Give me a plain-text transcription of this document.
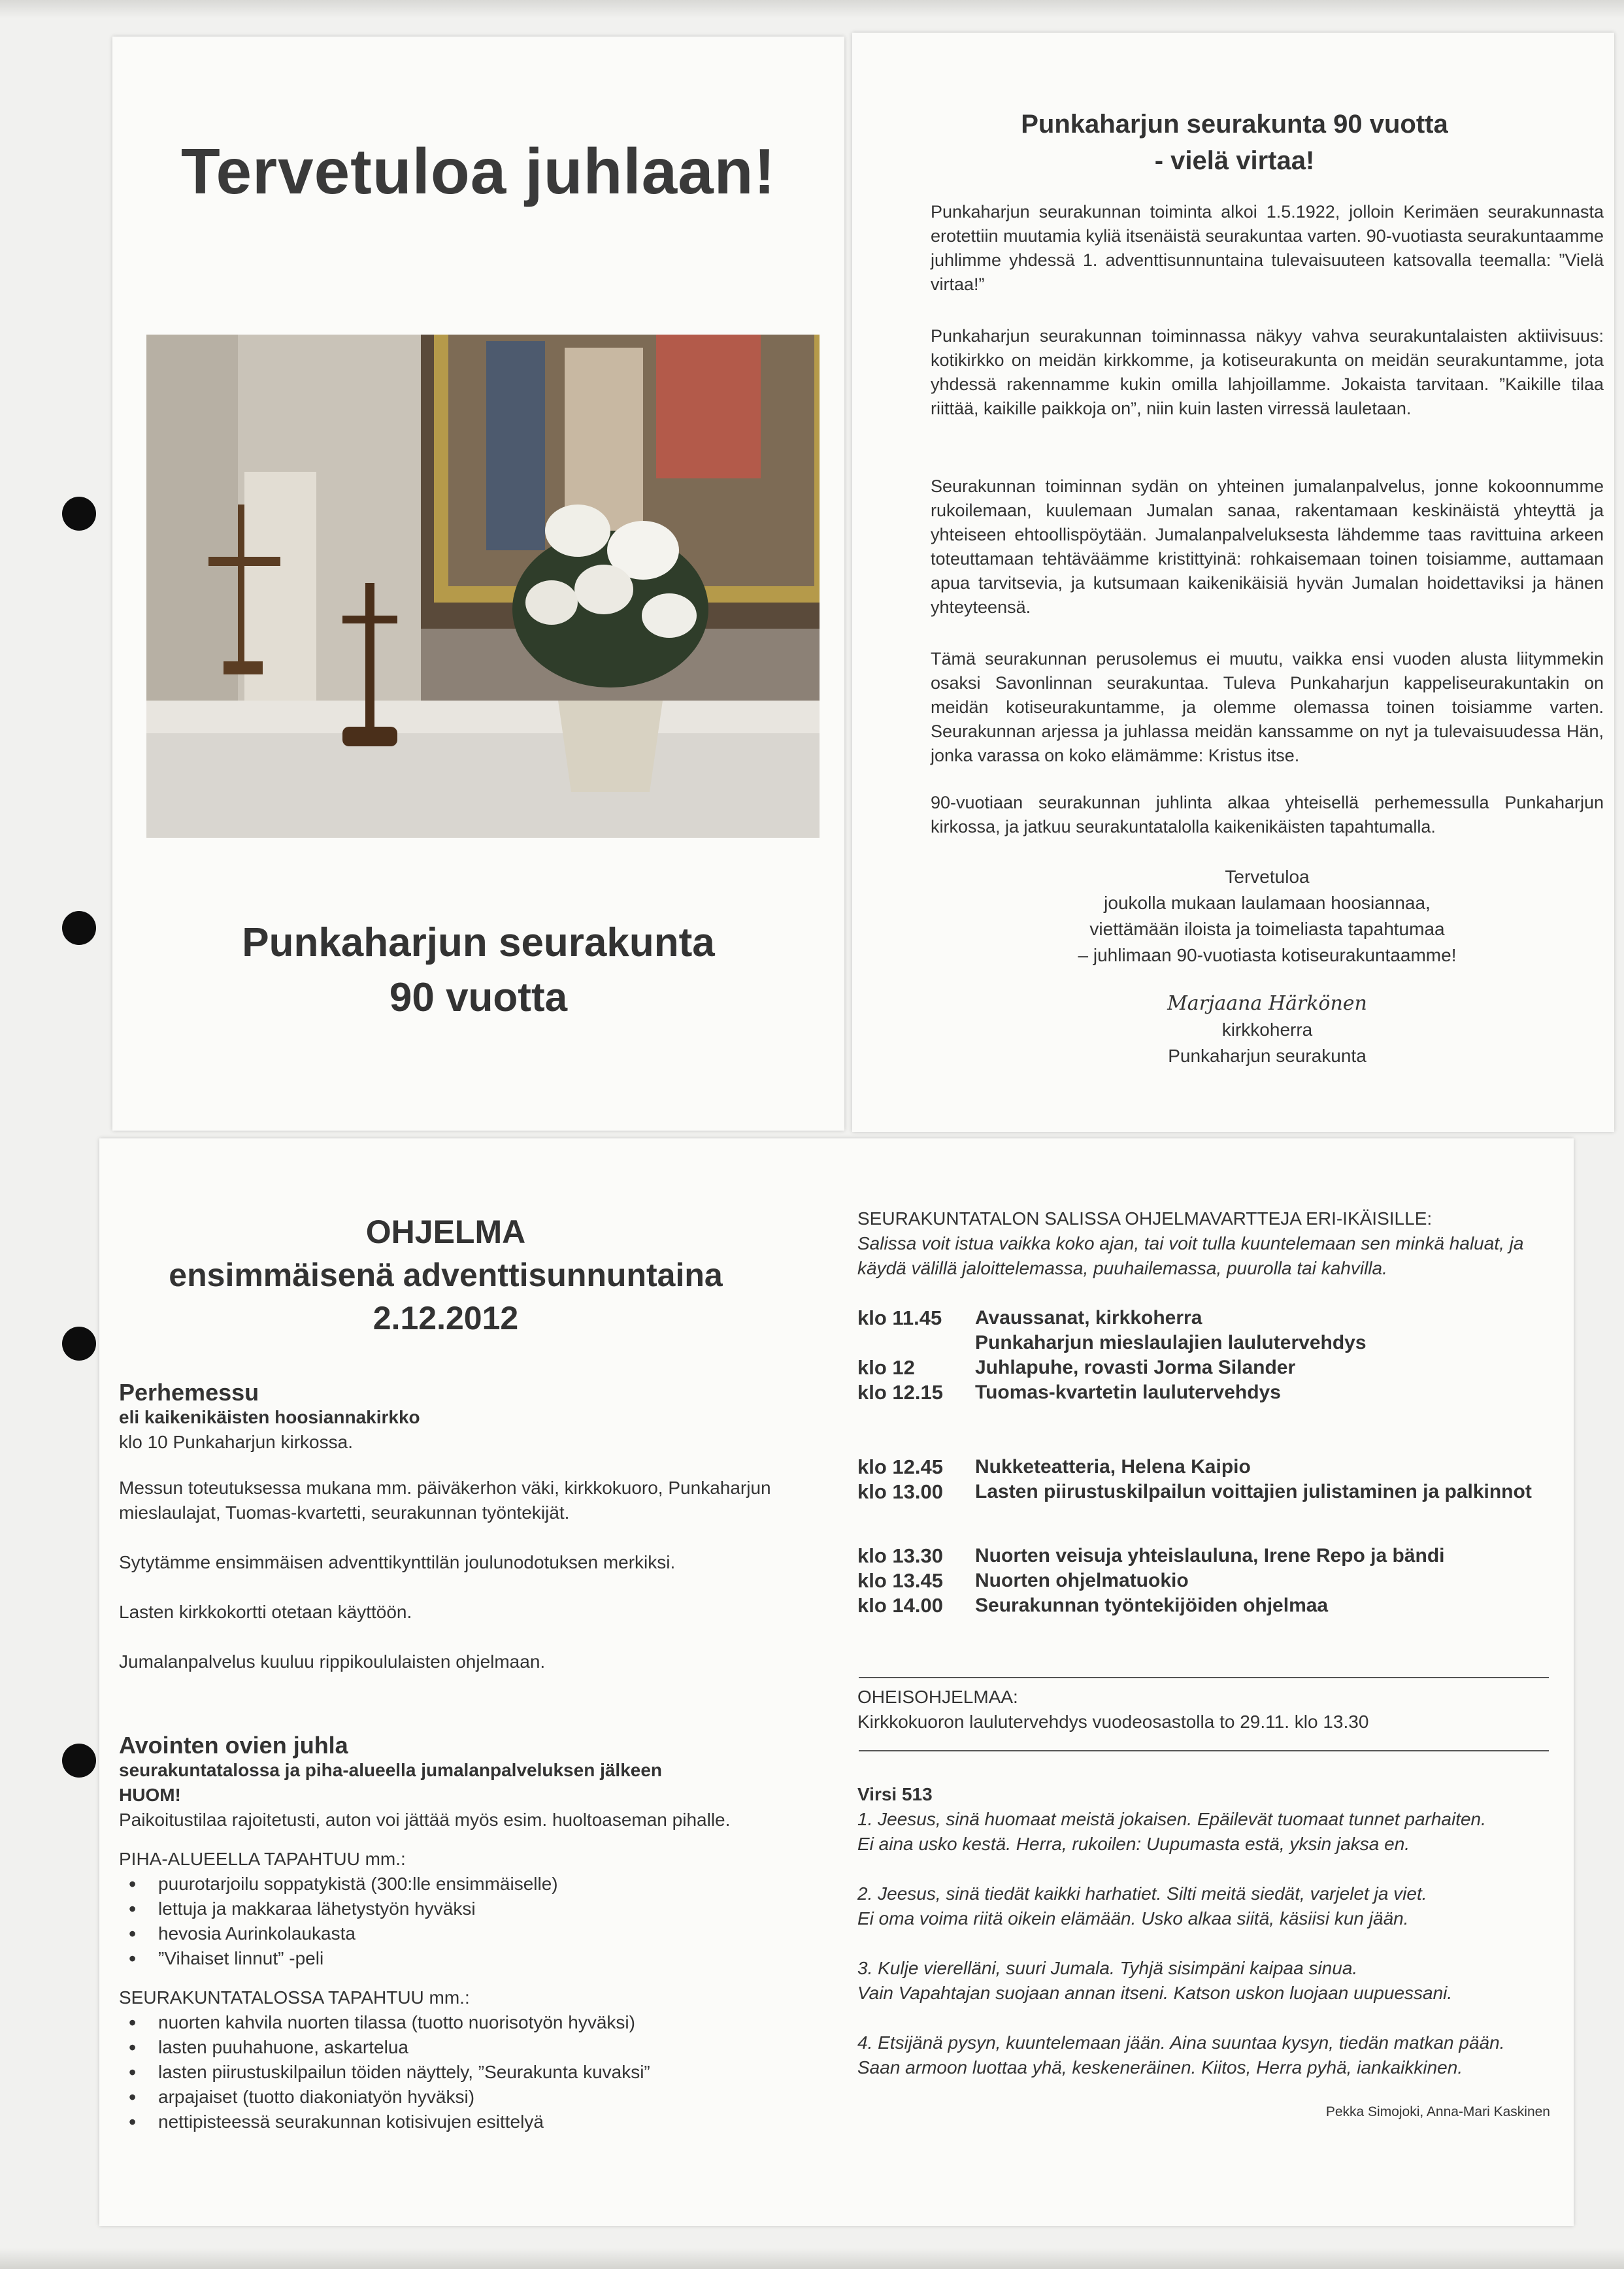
Tervetuloa juhlaan!
Punkaharjun seurakunta
90 vuotta
Punkaharjun seurakunta 90 vuotta
- vielä virtaa!
Punkaharjun seurakunnan toiminta alkoi 1.5.1922, jolloin Kerimäen seurakunnasta erotettiin muutamia kyliä itsenäistä seurakuntaa varten. 90-vuotiasta seurakuntaamme juhlimme yhdessä 1. adventtisunnuntaina tulevaisuuteen katsovalla teemalla: ”Vielä virtaa!”
Punkaharjun seurakunnan toiminnassa näkyy vahva seurakuntalaisten aktiivisuus: kotikirkko on meidän kirkkomme, ja kotiseurakunta on meidän seurakuntamme, jota yhdessä rakennamme kukin omilla lahjoillamme. Jokaista tarvitaan. ”Kaikille tilaa riittää, kaikille paikkoja on”, niin kuin lasten virressä lauletaan.
Seurakunnan toiminnan sydän on yhteinen jumalanpalvelus, jonne kokoonnumme rukoilemaan, kuulemaan Jumalan sanaa, rakentamaan keskinäistä yhteyttä ja yhteiseen ehtoollispöytään. Jumalanpalveluksesta lähdemme taas ravittuina arkeen toteuttamaan tehtäväämme kristittyinä: rohkaisemaan toinen toisiamme, auttamaan apua tarvitsevia, ja kutsumaan kaikenikäisiä hyvän Jumalan hoidettaviksi ja hänen yhteyteensä.
Tämä seurakunnan perusolemus ei muutu, vaikka ensi vuoden alusta liitymmekin osaksi Savonlinnan seurakuntaa. Tuleva Punkaharjun kappeliseurakuntakin on meidän kotiseurakuntamme, ja olemme olemassa toinen toisiamme varten. Seurakunnan arjessa ja juhlassa meidän kanssamme on nyt ja tulevaisuudessa Hän, jonka varassa on koko elämämme: Kristus itse.
90-vuotiaan seurakunnan juhlinta alkaa yhteisellä perhemessulla Punkaharjun kirkossa, ja jatkuu seurakuntatalolla kaikenikäisten tapahtumalla.
Tervetuloa
joukolla mukaan laulamaan hoosiannaa,
viettämään iloista ja toimeliasta tapahtumaa
– juhlimaan 90-vuotiasta kotiseurakuntaamme!
Marjaana Härkönen
kirkkoherra
Punkaharjun seurakunta
OHJELMA
ensimmäisenä adventtisunnuntaina
2.12.2012
Perhemessu
eli kaikenikäisten hoosiannakirkko
klo 10 Punkaharjun kirkossa.
Messun toteutuksessa mukana mm. päiväkerhon väki, kirkkokuoro, Punkaharjun mieslaulajat, Tuomas-kvartetti, seurakunnan työntekijät.
Sytytämme ensimmäisen adventtikynttilän joulunodotuksen merkiksi.
Lasten kirkkokortti otetaan käyttöön.
Jumalanpalvelus kuuluu rippikoululaisten ohjelmaan.
Avointen ovien juhla
seurakuntatalossa ja piha-alueella jumalanpalveluksen jälkeen
HUOM!
Paikoitustilaa rajoitetusti, auton voi jättää myös esim. huoltoaseman pihalle.
PIHA-ALUEELLA TAPAHTUU mm.:
• puurotarjoilu soppatykistä (300:lle ensimmäiselle)
• lettuja ja makkaraa lähetystyön hyväksi
• hevosia Aurinkolaukasta
• ”Vihaiset linnut” -peli
SEURAKUNTATALOSSA TAPAHTUU mm.:
• nuorten kahvila nuorten tilassa (tuotto nuorisotyön hyväksi)
• lasten puuhahuone, askartelua
• lasten piirustuskilpailun töiden näyttely, ”Seurakunta kuvaksi”
• arpajaiset (tuotto diakoniatyön hyväksi)
• nettipisteessä seurakunnan kotisivujen esittelyä
SEURAKUNTATALON SALISSA OHJELMAVARTTEJA ERI-IKÄISILLE:
Salissa voit istua vaikka koko ajan, tai voit tulla kuuntelemaan sen minkä haluat, ja käydä välillä jaloittelemassa, puuhailemassa, puurolla tai kahvilla.
klo 11.45	Avaussanat, kirkkoherra
Punkaharjun mieslaulajien laulutervehdys
klo 12	Juhlapuhe, rovasti Jorma Silander
klo 12.15	Tuomas-kvartetin laulutervehdys
klo 12.45	Nukketeatteria, Helena Kaipio
klo 13.00	Lasten piirustuskilpailun voittajien julistaminen ja palkinnot
klo 13.30	Nuorten veisuja yhteislauluna, Irene Repo ja bändi
klo 13.45	Nuorten ohjelmatuokio
klo 14.00	Seurakunnan työntekijöiden ohjelmaa
OHEISOHJELMAA:
Kirkkokuoron laulutervehdys vuodeosastolla to 29.11. klo 13.30
Virsi 513
1. Jeesus, sinä huomaat meistä jokaisen. Epäilevät tuomaat tunnet parhaiten.
Ei aina usko kestä. Herra, rukoilen: Uupumasta estä, yksin jaksa en.
2. Jeesus, sinä tiedät kaikki harhatiet. Silti meitä siedät, varjelet ja viet.
Ei oma voima riitä oikein elämään. Usko alkaa siitä, käsiisi kun jään.
3. Kulje vierelläni, suuri Jumala. Tyhjä sisimpäni kaipaa sinua.
Vain Vapahtajan suojaan annan itseni. Katson uskon luojaan uupuessani.
4. Etsijänä pysyn, kuuntelemaan jään. Aina suuntaa kysyn, tiedän matkan pään.
Saan armoon luottaa yhä, keskeneräinen. Kiitos, Herra pyhä, iankaikkinen.
Pekka Simojoki, Anna-Mari Kaskinen
